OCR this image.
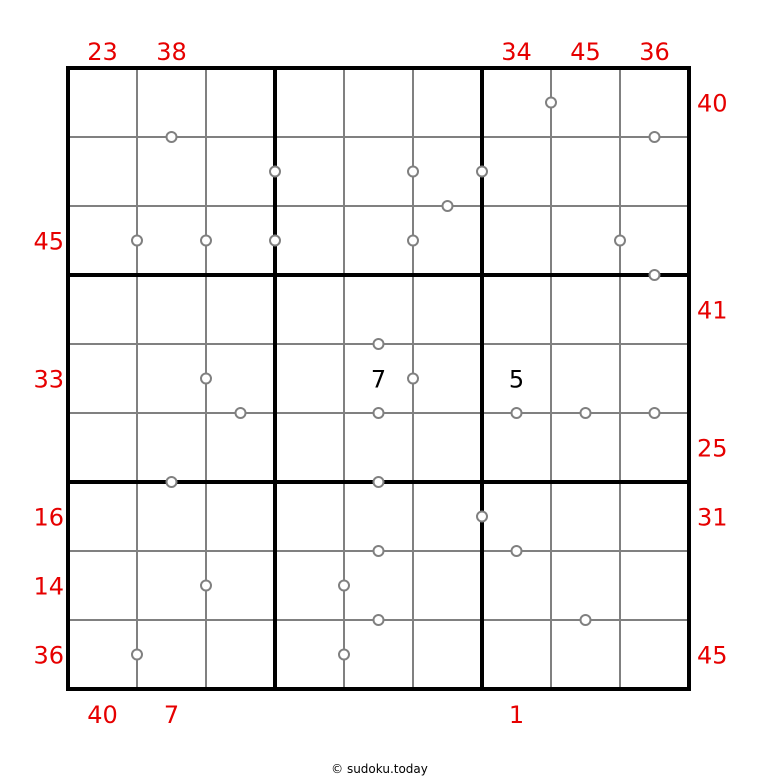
23 38	34 45 36
40 7	1
45
33
16
14
36
40
41
25
31
45
7	5
© sudoku.today
